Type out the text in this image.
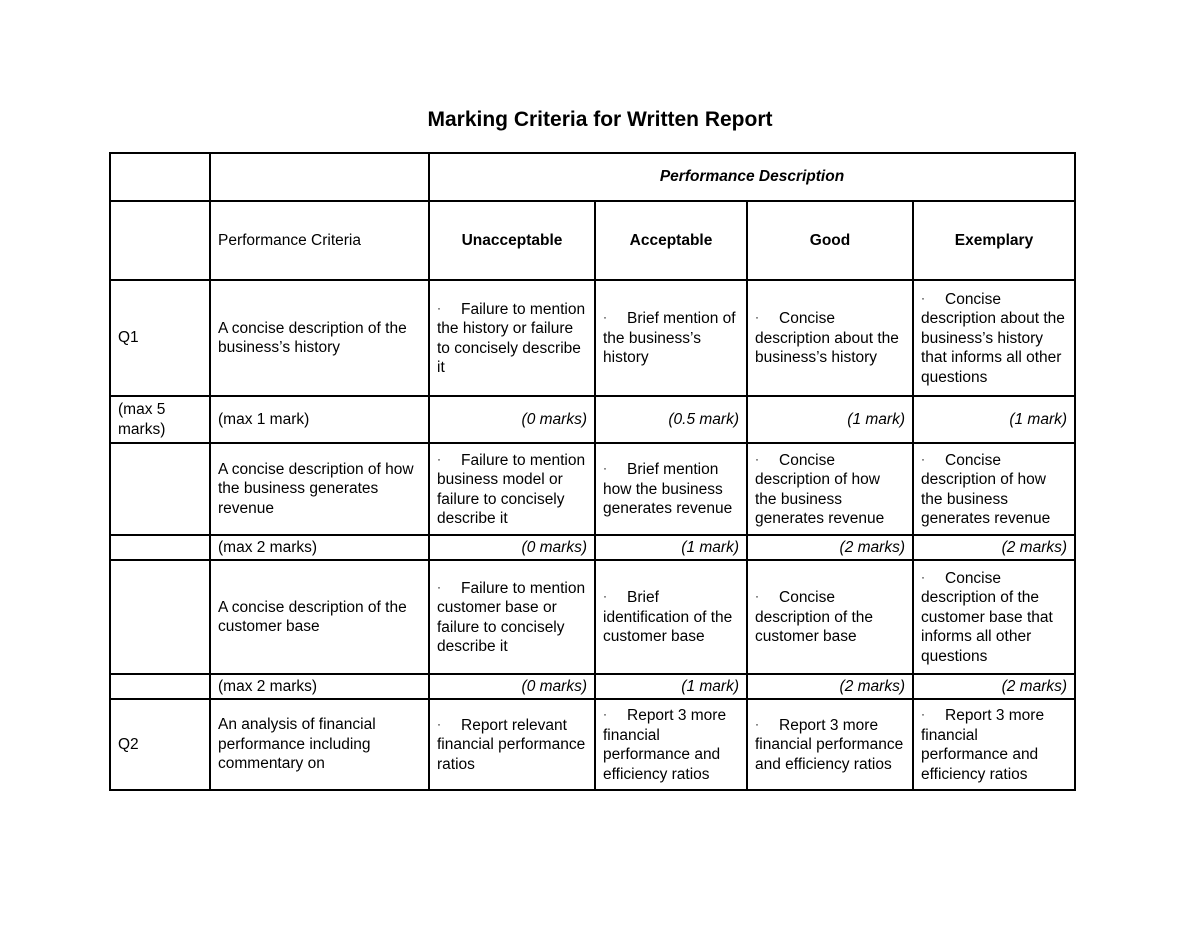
Marking Criteria for Written Report
		Performance Description			
	Performance Criteria	Unacceptable	Acceptable	Good	Exemplary
Q1	A concise description of the business’s history	· Failure to mention the history or failure to concisely describe it	· Brief mention of the business’s history	· Concise description about the business’s history	· Concise description about the business’s history that informs all other questions
(max 5 marks)	(max 1 mark)	(0 marks)	(0.5 mark)	(1 mark)	(1 mark)
	A concise description of how the business generates revenue	· Failure to mention business model or failure to concisely describe it	· Brief mention how the business generates revenue	· Concise description of how the business generates revenue	· Concise description of how the business generates revenue
	(max 2 marks)	(0 marks)	(1 mark)	(2 marks)	(2 marks)
	A concise description of the customer base	· Failure to mention customer base or failure to concisely describe it	· Brief identification of the customer base	· Concise description of the customer base	· Concise description of the customer base that informs all other questions
	(max 2 marks)	(0 marks)	(1 mark)	(2 marks)	(2 marks)
Q2	An analysis of financial performance including commentary on	· Report relevant financial performance ratios	· Report 3 more financial performance and efficiency ratios	· Report 3 more financial performance and efficiency ratios	· Report 3 more financial performance and efficiency ratios
